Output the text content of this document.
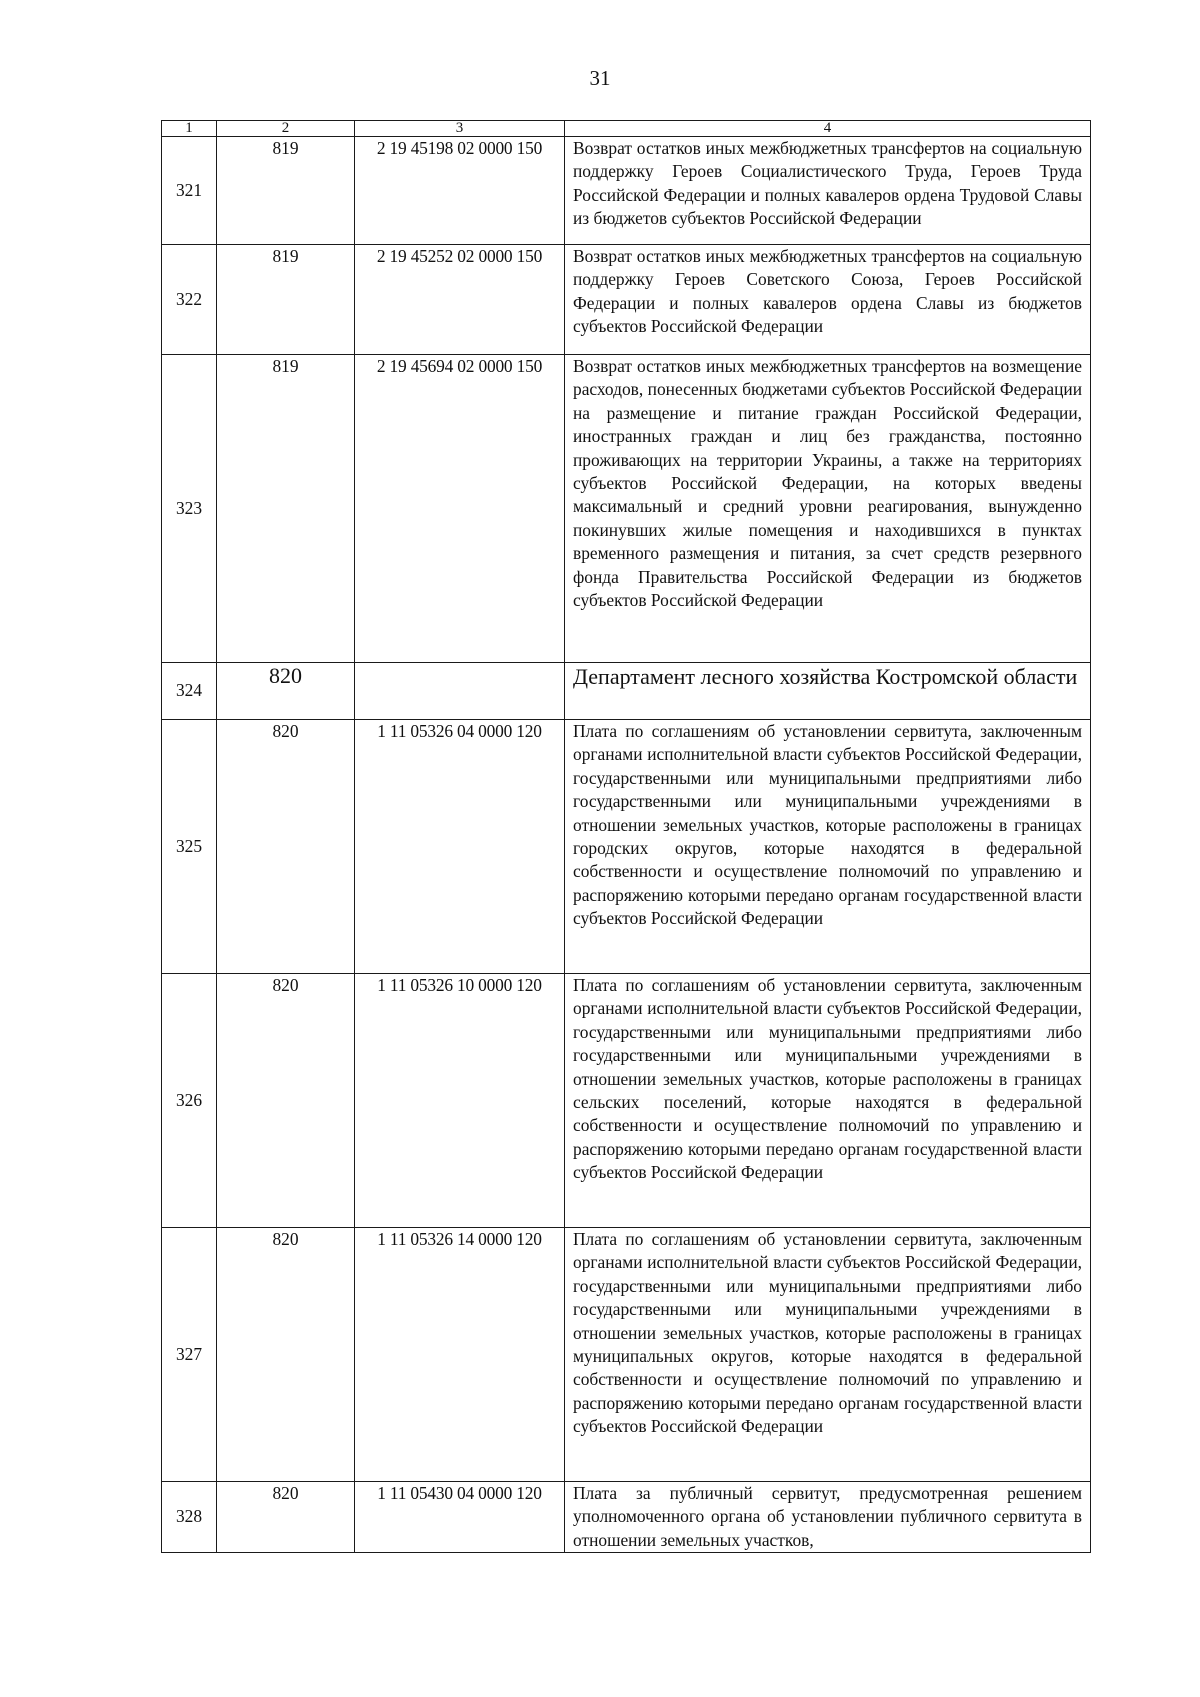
31
1	2	3	4
321	819	2 19 45198 02 0000 150	Возврат остатков иных межбюджетных трансфертов на социальную поддержку Героев Социалистического Труда, Героев Труда Российской Федерации и полных кавалеров ордена Трудовой Славы из бюджетов субъектов Российской Федерации
322	819	2 19 45252 02 0000 150	Возврат остатков иных межбюджетных трансфертов на социальную поддержку Героев Советского Союза, Героев Российской Федерации и полных кавалеров ордена Славы из бюджетов субъектов Российской Федерации
323	819	2 19 45694 02 0000 150	Возврат остатков иных межбюджетных трансфертов на возмещение расходов, понесенных бюджетами субъектов Российской Федерации на размещение и питание граждан Российской Федерации, иностранных граждан и лиц без гражданства, постоянно проживающих на территории Украины, а также на территориях субъектов Российской Федерации, на которых введены максимальный и средний уровни реагирования, вынужденно покинувших жилые помещения и находившихся в пунктах временного размещения и питания, за счет средств резервного фонда Правительства Российской Федерации из бюджетов субъектов Российской Федерации
324	820		Департамент лесного хозяйства Костромской области
325	820	1 11 05326 04 0000 120	Плата по соглашениям об установлении сервитута, заключенным органами исполнительной власти субъектов Российской Федерации, государственными или муниципальными предприятиями либо государственными или муниципальными учреждениями в отношении земельных участков, которые расположены в границах городских округов, которые находятся в федеральной собственности и осуществление полномочий по управлению и распоряжению которыми передано органам государственной власти субъектов Российской Федерации
326	820	1 11 05326 10 0000 120	Плата по соглашениям об установлении сервитута, заключенным органами исполнительной власти субъектов Российской Федерации, государственными или муниципальными предприятиями либо государственными или муниципальными учреждениями в отношении земельных участков, которые расположены в границах сельских поселений, которые находятся в федеральной собственности и осуществление полномочий по управлению и распоряжению которыми передано органам государственной власти субъектов Российской Федерации
327	820	1 11 05326 14 0000 120	Плата по соглашениям об установлении сервитута, заключенным органами исполнительной власти субъектов Российской Федерации, государственными или муниципальными предприятиями либо государственными или муниципальными учреждениями в отношении земельных участков, которые расположены в границах муниципальных округов, которые находятся в федеральной собственности и осуществление полномочий по управлению и распоряжению которыми передано органам государственной власти субъектов Российской Федерации
328	820	1 11 05430 04 0000 120	Плата за публичный сервитут, предусмотренная решением уполномоченного органа об установлении публичного сервитута в отношении земельных участков,
